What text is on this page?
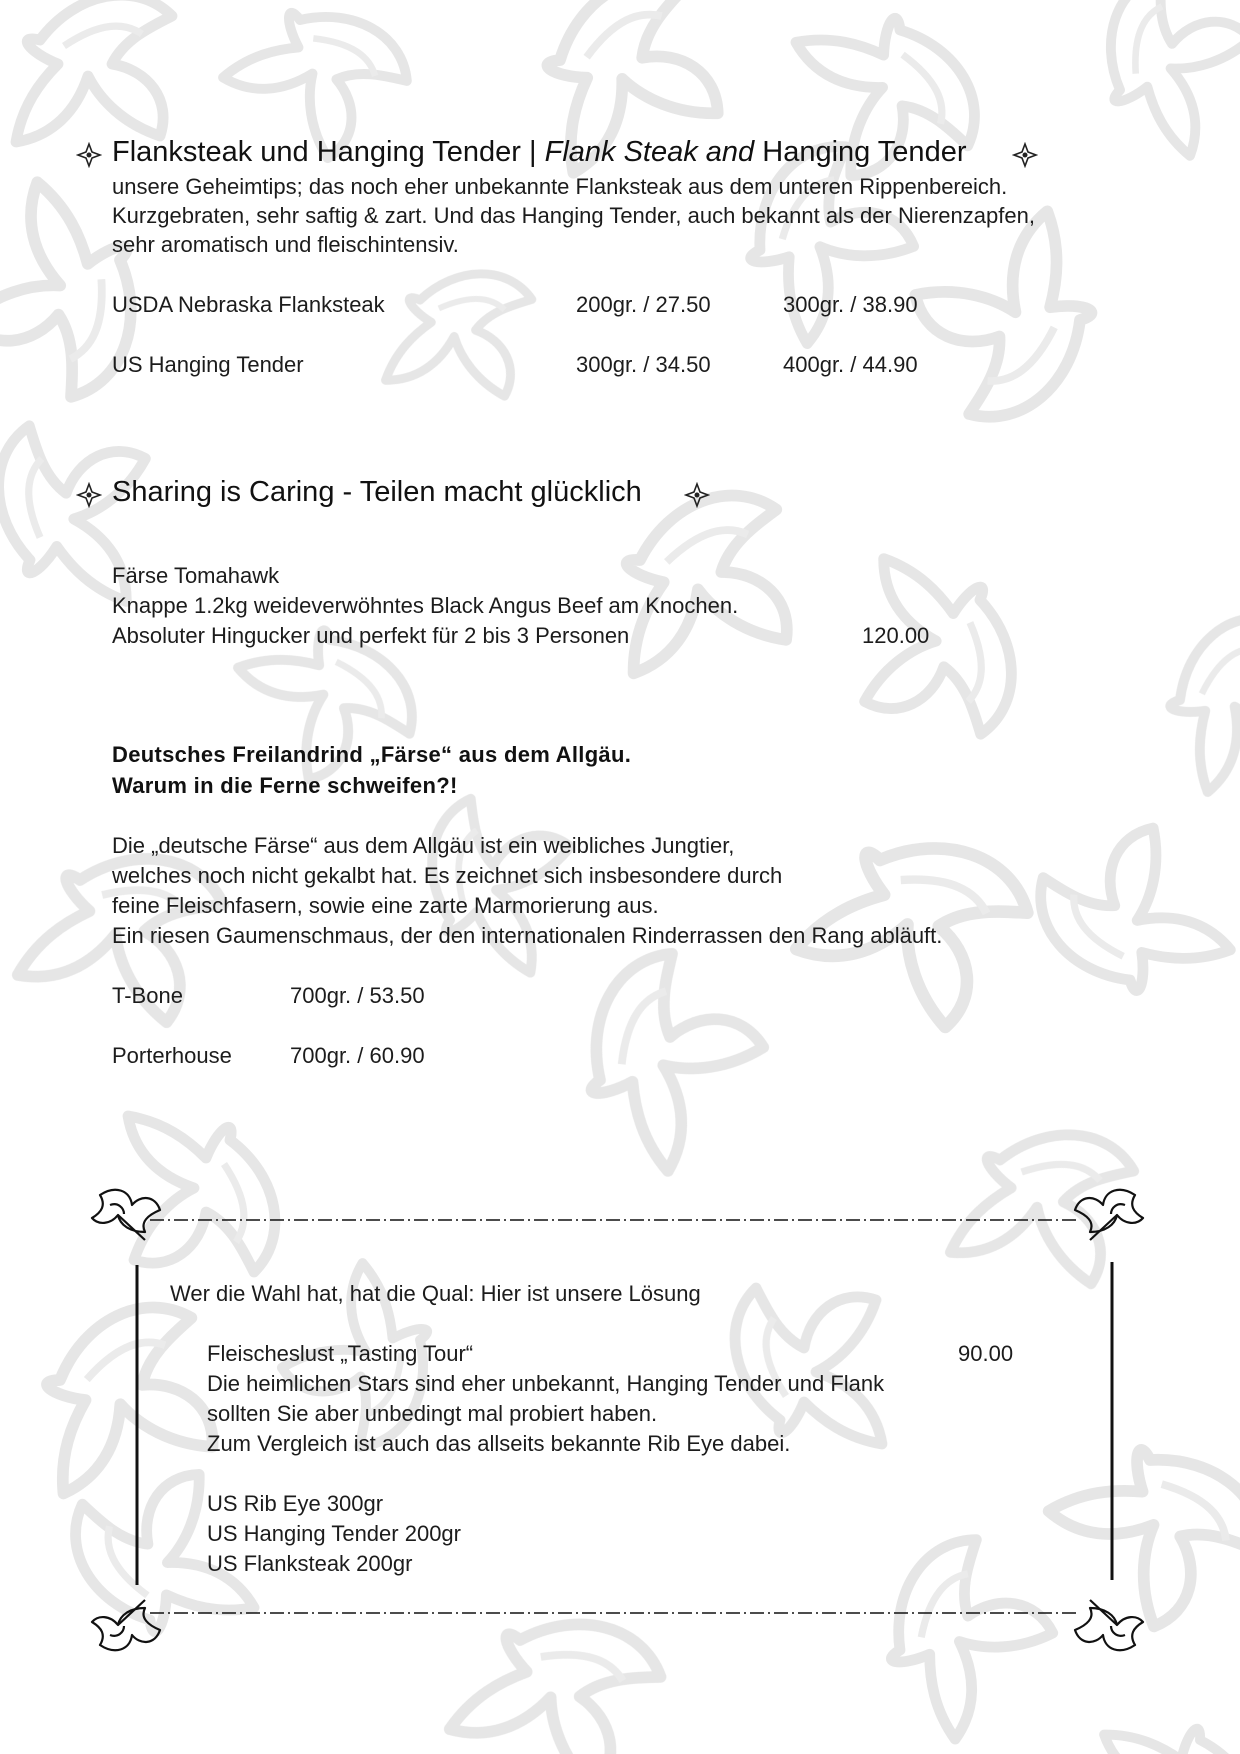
Flanksteak und Hanging Tender | Flank Steak and Hanging Tender
unsere Geheimtips; das noch eher unbekannte Flanksteak aus dem unteren Rippenbereich.
Kurzgebraten, sehr saftig & zart. Und das Hanging Tender, auch bekannt als der Nierenzapfen,
sehr aromatisch und fleischintensiv.
USDA Nebraska Flanksteak	200gr. / 27.50	300gr. / 38.90
US Hanging Tender	300gr. / 34.50	400gr. / 44.90
Sharing is Caring - Teilen macht glücklich
Färse Tomahawk
Knappe 1.2kg weideverwöhntes Black Angus Beef am Knochen.
Absoluter Hingucker und perfekt für 2 bis 3 Personen	120.00
Deutsches Freilandrind „Färse“ aus dem Allgäu.
Warum in die Ferne schweifen?!
Die „deutsche Färse“ aus dem Allgäu ist ein weibliches Jungtier,
welches noch nicht gekalbt hat. Es zeichnet sich insbesondere durch
feine Fleischfasern, sowie eine zarte Marmorierung aus.
Ein riesen Gaumenschmaus, der den internationalen Rinderrassen den Rang abläuft.
T-Bone	700gr. / 53.50
Porterhouse	700gr. / 60.90
Wer die Wahl hat, hat die Qual: Hier ist unsere Lösung
Fleischeslust „Tasting Tour“	90.00
Die heimlichen Stars sind eher unbekannt, Hanging Tender und Flank
sollten Sie aber unbedingt mal probiert haben.
Zum Vergleich ist auch das allseits bekannte Rib Eye dabei.
US Rib Eye 300gr
US Hanging Tender 200gr
US Flanksteak 200gr
